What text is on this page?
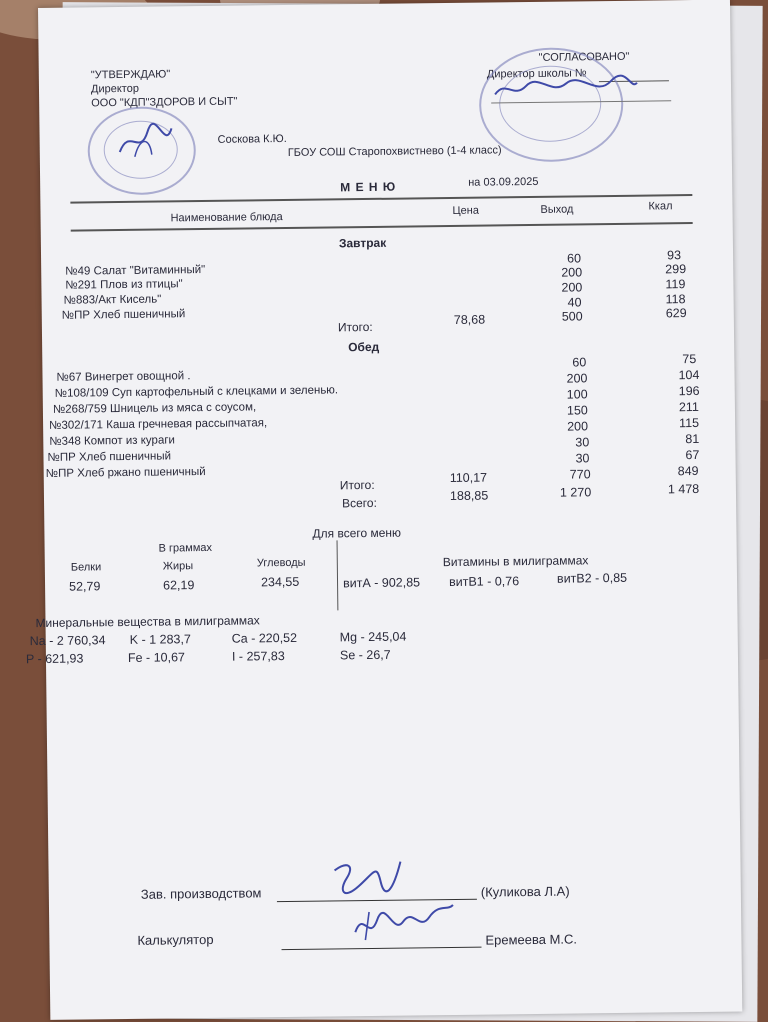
"УТВЕРЖДАЮ"
Директор
ООО "КДП"ЗДОРОВ И СЫТ"
Соскова К.Ю.
ГБОУ СОШ Старопохвистнево (1-4 класс)
"СОГЛАСОВАНО"
Директор школы №
М Е Н Ю	на 03.09.2025
Наименование блюда
Цена	Выход	Ккал
Завтрак
№49 Салат "Витаминный"
60	93
№291 Плов из птицы"
200	299
№883/Акт Кисель"
200	119
№ПР Хлеб пшеничный
40	118
Итого:
78,68	500	629
Обед
№67 Винегрет овощной .
60	75
№108/109 Суп картофельный с клецками и зеленью.
200	104
№268/759 Шницель из мяса с соусом,
100	196
№302/171 Каша гречневая рассыпчатая,
150	211
№348 Компот из кураги
200	115
№ПР Хлеб пшеничный
30	81
№ПР Хлеб ржано пшеничный
30	67
Итого:
110,17	770	849
Всего:
188,85	1 270	1 478
Для всего меню
В граммах
Белки	Жиры	Углеводы
52,79	62,19	234,55
Витамины в милиграммах
витА - 902,85 витВ1 - 0,76	витВ2 - 0,85
Минеральные вещества в милиграммах
Na - 2 760,34 K - 1 283,7	Ca - 220,52	Mg - 245,04
P - 621,93	Fe - 10,67	I - 257,83	Se - 26,7
Зав. производством	(Куликова Л.А)
Калькулятор	Еремеева М.С.
